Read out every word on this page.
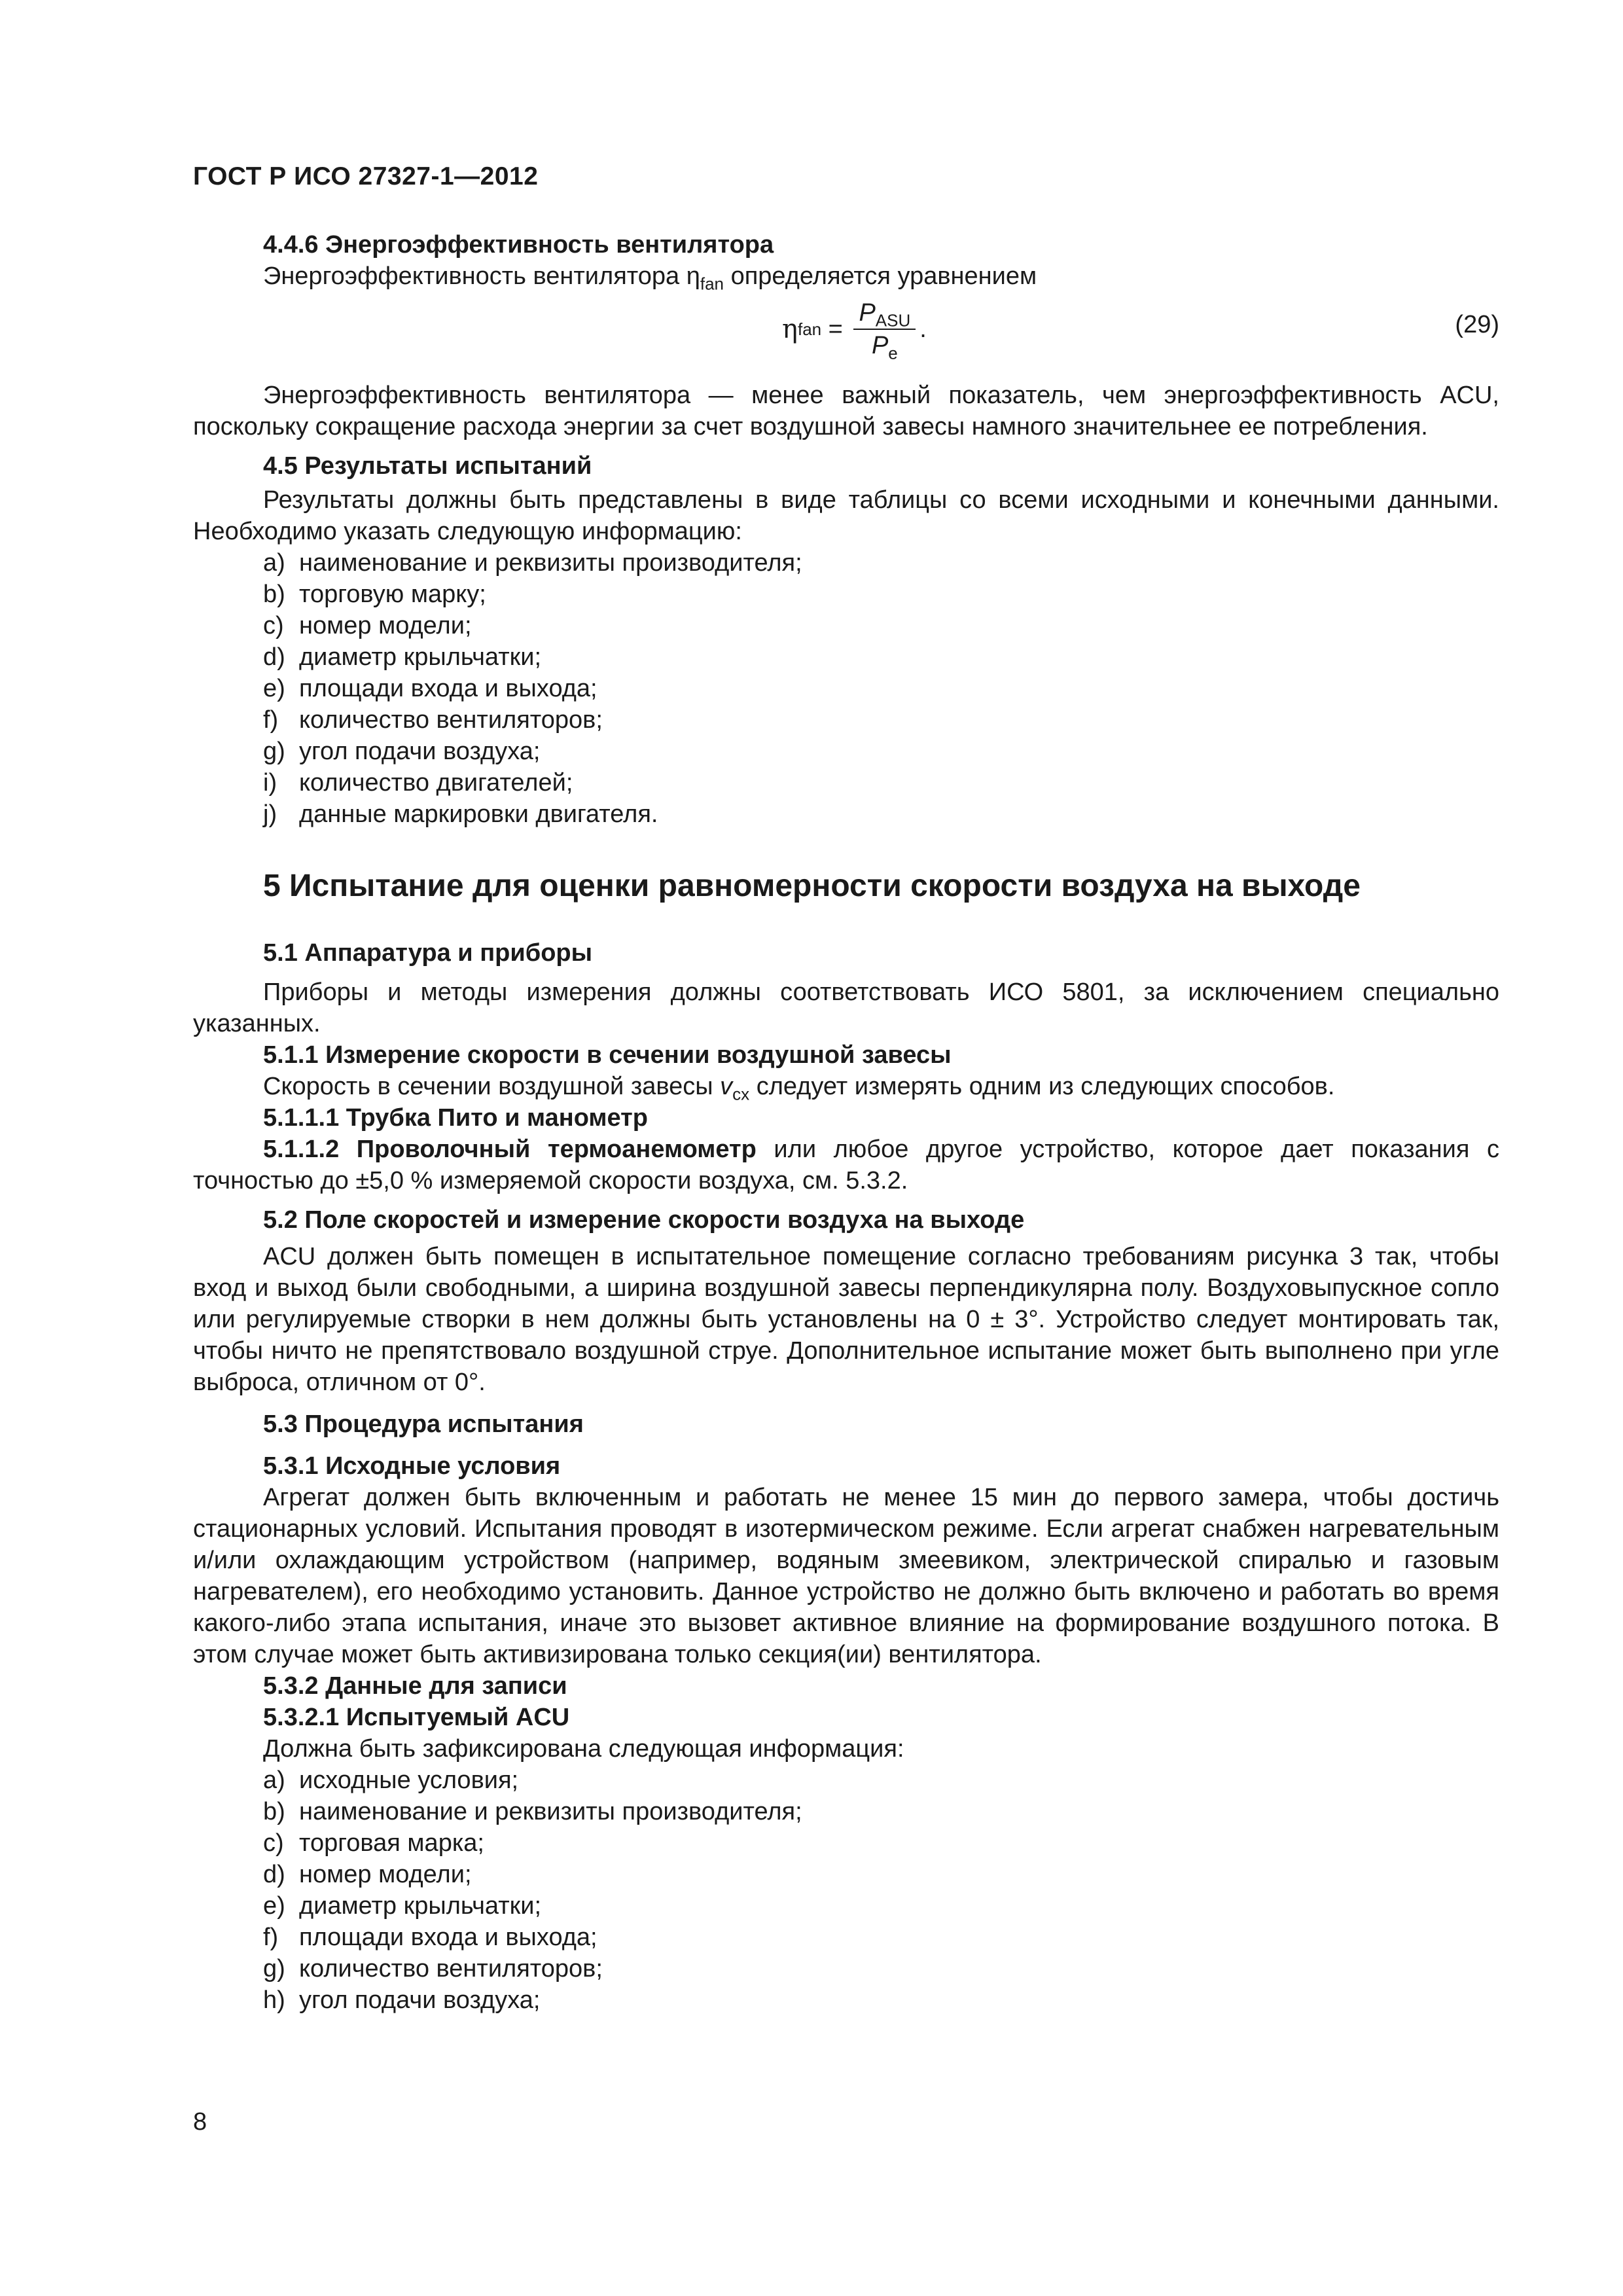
ГОСТ Р ИСО 27327-1—2012
4.4.6 Энергоэффективность вентилятора
Энергоэффективность вентилятора $\eta_{fan}$ определяется уравнением
η fan = $\frac{P_{ASU}}{P_e}$ .	(29)
Энергоэффективность вентилятора — менее важный показатель, чем энергоэффективность ACU, поскольку сокращение расхода энергии за счет воздушной завесы намного значительнее ее потребления.
4.5 Результаты испытаний
Результаты должны быть представлены в виде таблицы со всеми исходными и конечными данными. Необходимо указать следующую информацию:
a) наименование и реквизиты производителя;
b) торговую марку;
c) номер модели;
d) диаметр крыльчатки;
e) площади входа и выхода;
f) количество вентиляторов;
g) угол подачи воздуха;
i) количество двигателей;
j) данные маркировки двигателя.
5 Испытание для оценки равномерности скорости воздуха на выходе
5.1 Аппаратура и приборы
Приборы и методы измерения должны соответствовать ИСО 5801, за исключением специально указанных.
5.1.1 Измерение скорости в сечении воздушной завесы
Скорость в сечении воздушной завесы $v_{cx}$ следует измерять одним из следующих способов.
5.1.1.1 Трубка Пито и манометр
5.1.1.2 Проволочный термоанемометр или любое другое устройство, которое дает показания с точностью до ±5,0 % измеряемой скорости воздуха, см. 5.3.2.
5.2 Поле скоростей и измерение скорости воздуха на выходе
ACU должен быть помещен в испытательное помещение согласно требованиям рисунка 3 так, чтобы вход и выход были свободными, а ширина воздушной завесы перпендикулярна полу. Воздуховыпускное сопло или регулируемые створки в нем должны быть установлены на 0 ± 3°. Устройство следует монтировать так, чтобы ничто не препятствовало воздушной струе. Дополнительное испытание может быть выполнено при угле выброса, отличном от 0°.
5.3 Процедура испытания
5.3.1 Исходные условия
Агрегат должен быть включенным и работать не менее 15 мин до первого замера, чтобы достичь стационарных условий. Испытания проводят в изотермическом режиме. Если агрегат снабжен нагревательным и/или охлаждающим устройством (например, водяным змеевиком, электрической спиралью и газовым нагревателем), его необходимо установить. Данное устройство не должно быть включено и работать во время какого-либо этапа испытания, иначе это вызовет активное влияние на формирование воздушного потока. В этом случае может быть активизирована только секция(ии) вентилятора.
5.3.2 Данные для записи
5.3.2.1 Испытуемый ACU
Должна быть зафиксирована следующая информация:
a) исходные условия;
b) наименование и реквизиты производителя;
c) торговая марка;
d) номер модели;
e) диаметр крыльчатки;
f) площади входа и выхода;
g) количество вентиляторов;
h) угол подачи воздуха;
8
